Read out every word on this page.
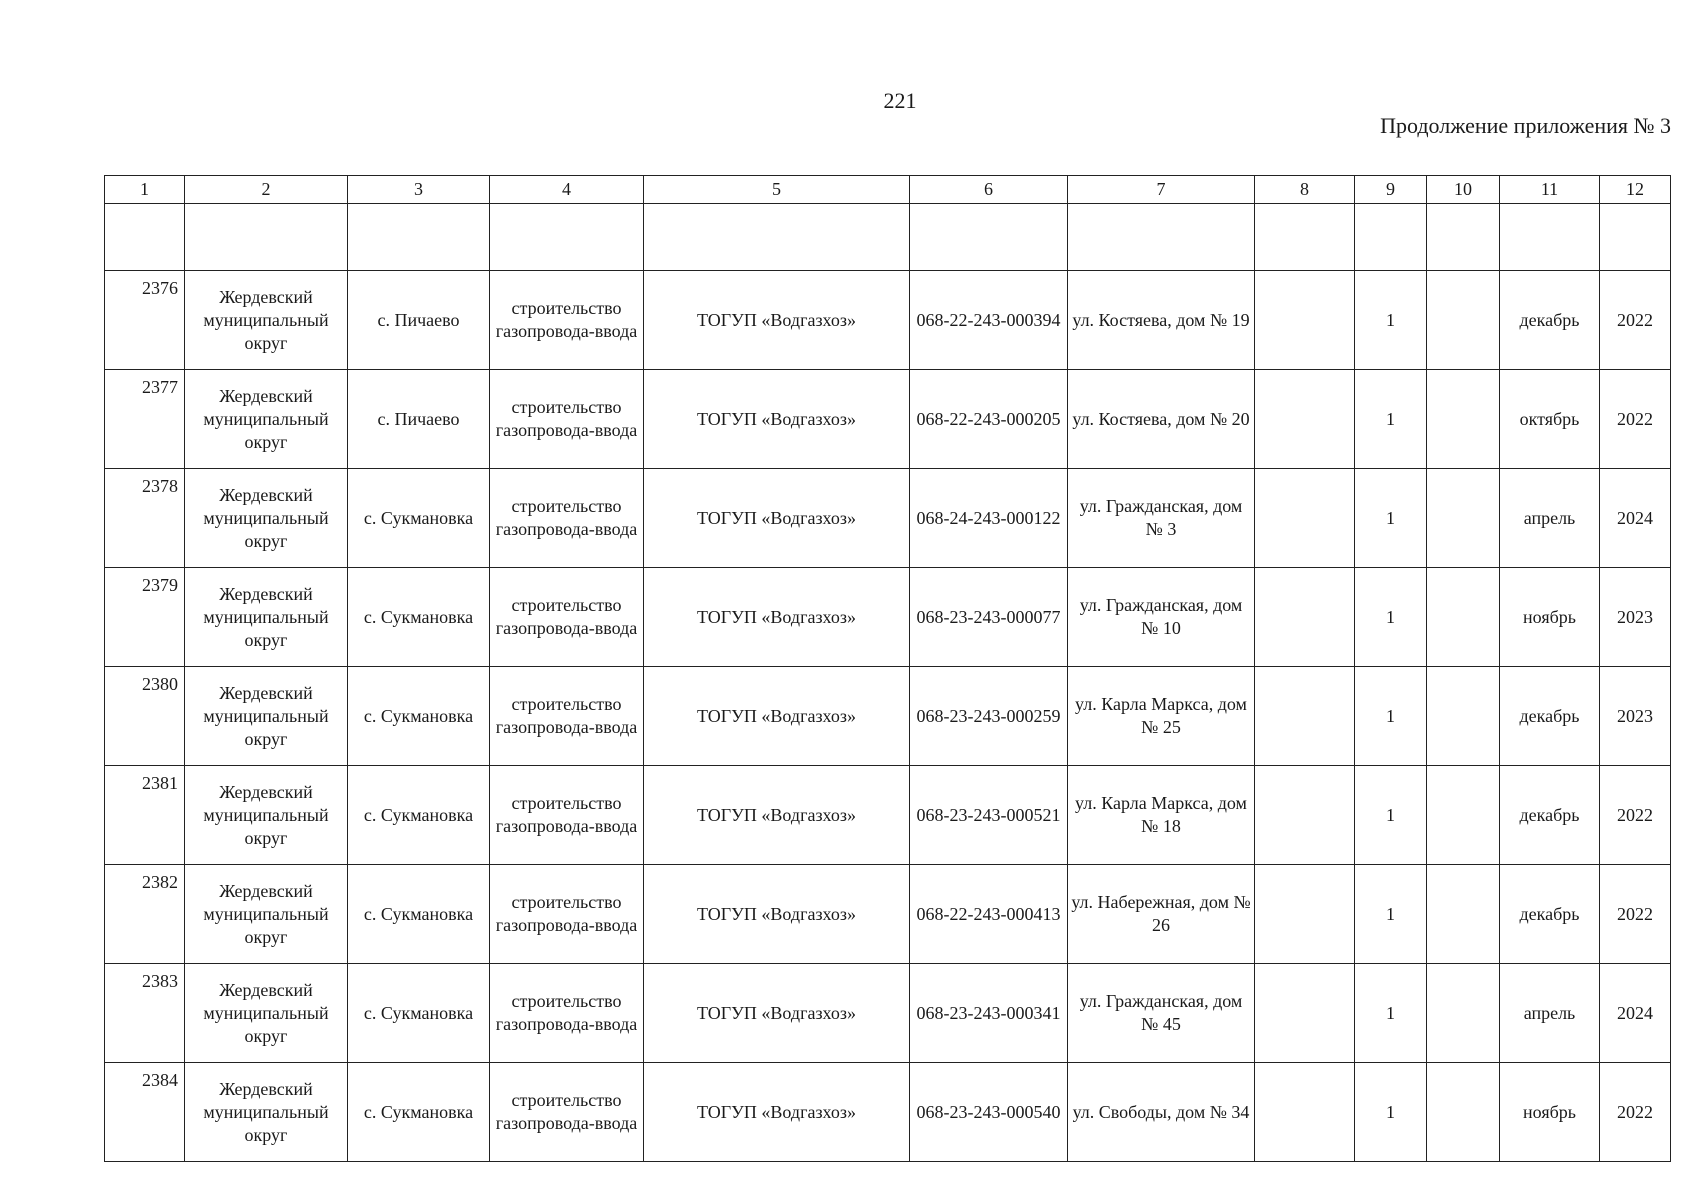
221
Продолжение приложения № 3
1	2	3	4	5	6	7	8	9	10	11	12

2376	Жердевский муниципальный округ	с. Пичаево	строительство газопровода-ввода	ТОГУП «Водгазхоз»	068-22-243-000394	ул. Костяева, дом № 19		1		декабрь	2022
2377	Жердевский муниципальный округ	с. Пичаево	строительство газопровода-ввода	ТОГУП «Водгазхоз»	068-22-243-000205	ул. Костяева, дом № 20		1		октябрь	2022
2378	Жердевский муниципальный округ	с. Сукмановка	строительство газопровода-ввода	ТОГУП «Водгазхоз»	068-24-243-000122	ул. Гражданская, дом № 3		1		апрель	2024
2379	Жердевский муниципальный округ	с. Сукмановка	строительство газопровода-ввода	ТОГУП «Водгазхоз»	068-23-243-000077	ул. Гражданская, дом № 10		1		ноябрь	2023
2380	Жердевский муниципальный округ	с. Сукмановка	строительство газопровода-ввода	ТОГУП «Водгазхоз»	068-23-243-000259	ул. Карла Маркса, дом № 25		1		декабрь	2023
2381	Жердевский муниципальный округ	с. Сукмановка	строительство газопровода-ввода	ТОГУП «Водгазхоз»	068-23-243-000521	ул. Карла Маркса, дом № 18		1		декабрь	2022
2382	Жердевский муниципальный округ	с. Сукмановка	строительство газопровода-ввода	ТОГУП «Водгазхоз»	068-22-243-000413	ул. Набережная, дом № 26		1		декабрь	2022
2383	Жердевский муниципальный округ	с. Сукмановка	строительство газопровода-ввода	ТОГУП «Водгазхоз»	068-23-243-000341	ул. Гражданская, дом № 45		1		апрель	2024
2384	Жердевский муниципальный округ	с. Сукмановка	строительство газопровода-ввода	ТОГУП «Водгазхоз»	068-23-243-000540	ул. Свободы, дом № 34		1		ноябрь	2022
